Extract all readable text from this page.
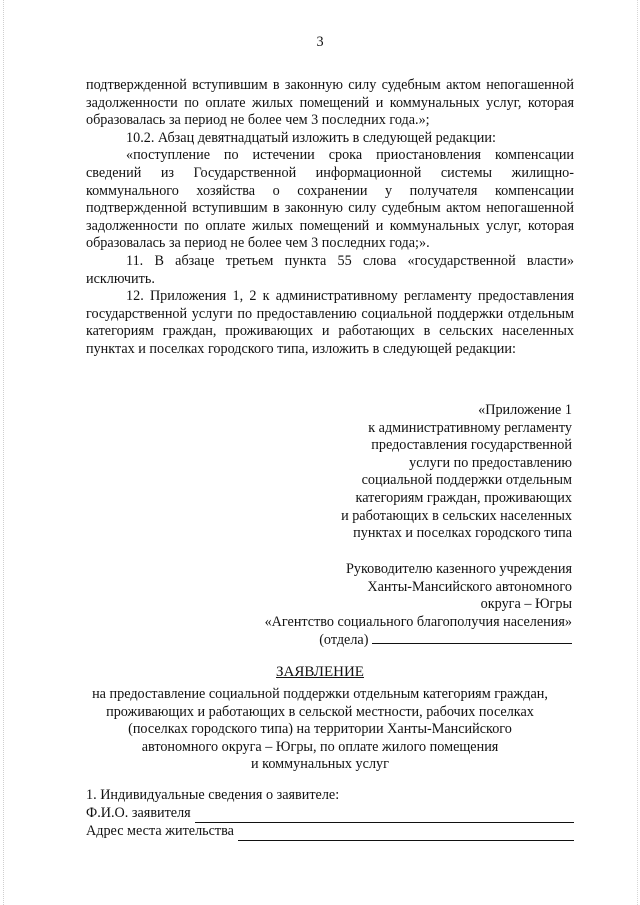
3

подтвержденной вступившим в законную силу судебным актом непогашенной задолженности по оплате жилых помещений и коммунальных услуг, которая образовалась за период не более чем 3 последних года.»;

10.2. Абзац девятнадцатый изложить в следующей редакции:

«поступление по истечении срока приостановления компенсации сведений из Государственной информационной системы жилищно-коммунального хозяйства о сохранении у получателя компенсации подтвержденной вступившим в законную силу судебным актом непогашенной задолженности по оплате жилых помещений и коммунальных услуг, которая образовалась за период не более чем 3 последних года;».

11. В абзаце третьем пункта 55 слова «государственной власти» исключить.

12. Приложения 1, 2 к административному регламенту предоставления государственной услуги по предоставлению социальной поддержки отдельным категориям граждан, проживающих и работающих в сельских населенных пунктах и поселках городского типа, изложить в следующей редакции:

«Приложение 1
к административному регламенту
предоставления государственной
услуги по предоставлению
социальной поддержки отдельным
категориям граждан, проживающих
и работающих в сельских населенных
пунктах и поселках городского типа
Руководителю казенного учреждения
Ханты-Мансийского автономного
округа – Югры
«Агентство социального благополучия населения»
(отдела)
ЗАЯВЛЕНИЕ
на предоставление социальной поддержки отдельным категориям граждан,
проживающих и работающих в сельской местности, рабочих поселках
(поселках городского типа) на территории Ханты-Мансийского
автономного округа – Югры, по оплате жилого помещения
и коммунальных услуг
1. Индивидуальные сведения о заявителе:
Ф.И.О. заявителя
Адрес места жительства
